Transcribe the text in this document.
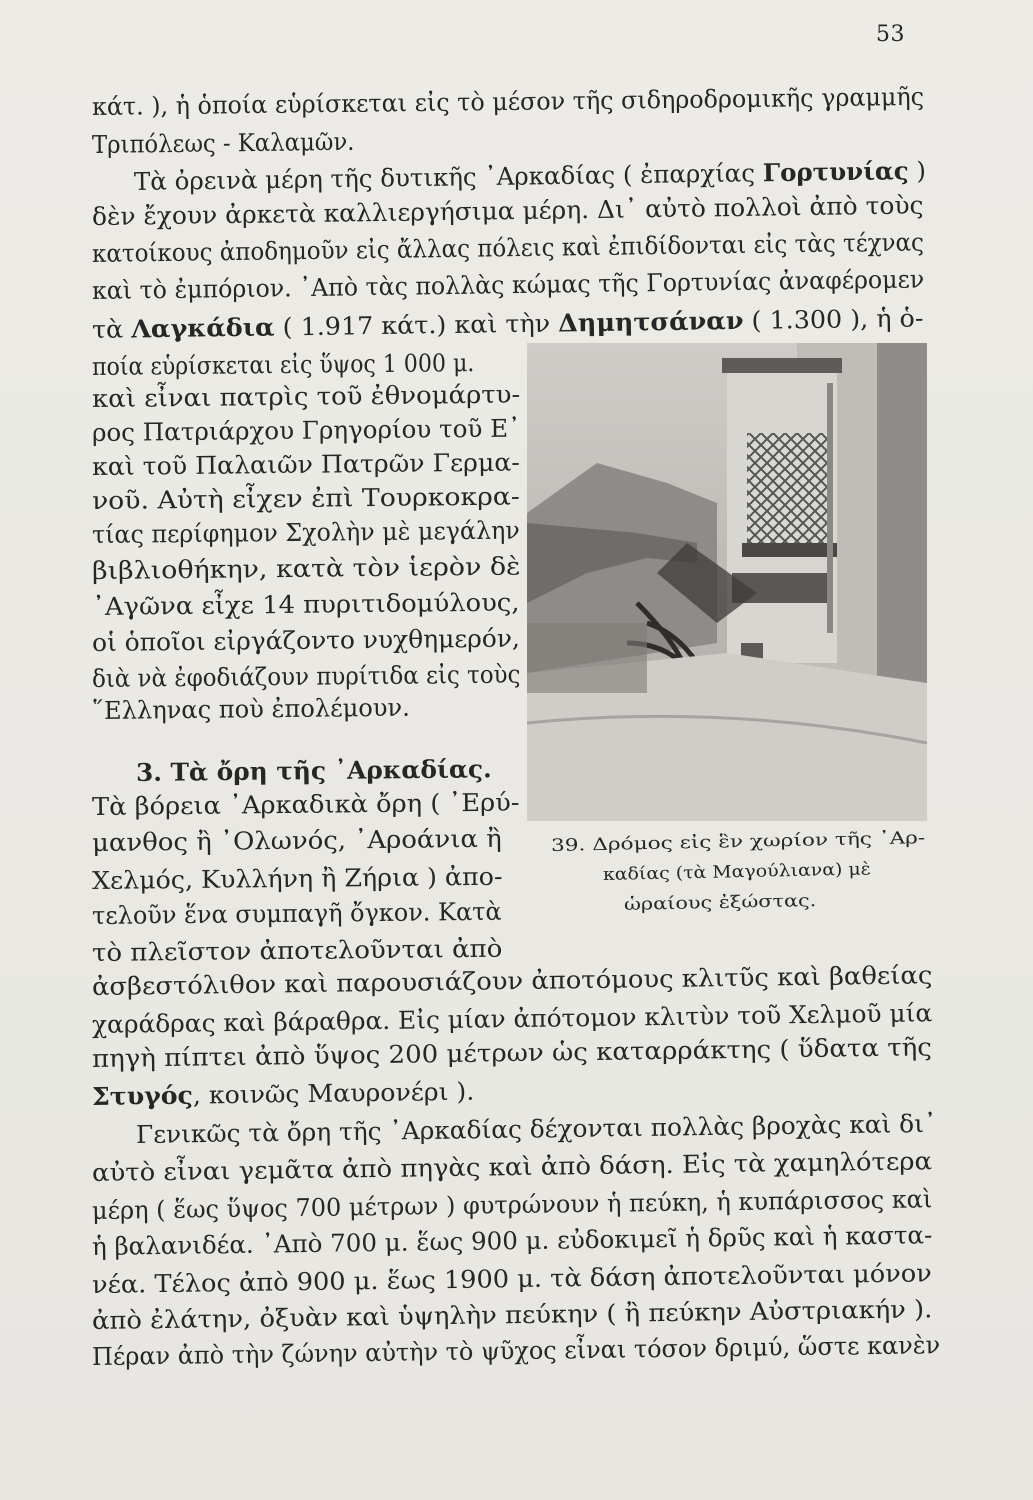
53
κάτ. ), ἡ ὁποία εὑρίσκεται εἰς τὸ μέσον τῆς σιδηροδρομικῆς γραμμῆς
Τριπόλεως - Καλαμῶν.
Τὰ ὀρεινὰ μέρη τῆς δυτικῆς ᾿Αρκαδίας ( ἐπαρχίας Γορτυνίας )
δὲν ἔχουν ἀρκετὰ καλλιεργήσιμα μέρη. Δι᾿ αὐτὸ πολλοὶ ἀπὸ τοὺς
κατοίκους ἀποδημοῦν εἰς ἄλλας πόλεις καὶ ἐπιδίδονται εἰς τὰς τέχνας
καὶ τὸ ἐμπόριον. ᾿Απὸ τὰς πολλὰς κώμας τῆς Γορτυνίας ἀναφέρομεν
τὰ Λαγκάδια ( 1.917 κάτ.) καὶ τὴν Δημητσάναν ( 1.300 ), ἡ ὁ-
ποία εὑρίσκεται εἰς ὕψος 1 000 μ.
καὶ εἶναι πατρὶς τοῦ ἐθνομάρτυ-
ρος Πατριάρχου Γρηγορίου τοῦ Ε᾿
καὶ τοῦ Παλαιῶν Πατρῶν Γερμα-
νοῦ. Αὐτὴ εἶχεν ἐπὶ Τουρκοκρα-
τίας περίφημον Σχολὴν μὲ μεγάλην
βιβλιοθήκην, κατὰ τὸν ἱερὸν δὲ
᾿Αγῶνα εἶχε 14 πυριτιδομύλους,
οἱ ὁποῖοι εἰργάζοντο νυχθημερόν,
διὰ νὰ ἐφοδιάζουν πυρίτιδα εἰς τοὺς
῞Ελληνας ποὺ ἐπολέμουν.
3. Τὰ ὄρη τῆς ᾿Αρκαδίας.
Τὰ βόρεια ᾿Αρκαδικὰ ὄρη ( ᾿Ερύ-
μανθος ἢ ᾿Ολωνός, ᾿Αροάνια ἢ
Χελμός, Κυλλήνη ἢ Ζήρια ) ἀπο-
τελοῦν ἕνα συμπαγῆ ὄγκον. Κατὰ
τὸ πλεῖστον ἀποτελοῦνται ἀπὸ
ἀσβεστόλιθον καὶ παρουσιάζουν ἀποτόμους κλιτῦς καὶ βαθείας
χαράδρας καὶ βάραθρα. Εἰς μίαν ἀπότομον κλιτὺν τοῦ Χελμοῦ μία
πηγὴ πίπτει ἀπὸ ὕψος 200 μέτρων ὡς καταρράκτης ( ὕδατα τῆς
Στυγός, κοινῶς Μαυρονέρι ).
Γενικῶς τὰ ὄρη τῆς ᾿Αρκαδίας δέχονται πολλὰς βροχὰς καὶ δι᾿
αὐτὸ εἶναι γεμᾶτα ἀπὸ πηγὰς καὶ ἀπὸ δάση. Εἰς τὰ χαμηλότερα
μέρη ( ἕως ὕψος 700 μέτρων ) φυτρώνουν ἡ πεύκη, ἡ κυπάρισσος καὶ
ἡ βαλανιδέα. ᾿Απὸ 700 μ. ἕως 900 μ. εὐδοκιμεῖ ἡ δρῦς καὶ ἡ καστα-
νέα. Τέλος ἀπὸ 900 μ. ἕως 1900 μ. τὰ δάση ἀποτελοῦνται μόνον
ἀπὸ ἐλάτην, ὀξυὰν καὶ ὑψηλὴν πεύκην ( ἢ πεύκην Αὐστριακήν ).
Πέραν ἀπὸ τὴν ζώνην αὐτὴν τὸ ψῦχος εἶναι τόσον δριμύ, ὥστε κανὲν
39. Δρόμος εἰς ἓν χωρίον τῆς ᾿Αρ-
καδίας (τὰ Μαγούλιανα) μὲ
ὡραίους ἐξώστας.
